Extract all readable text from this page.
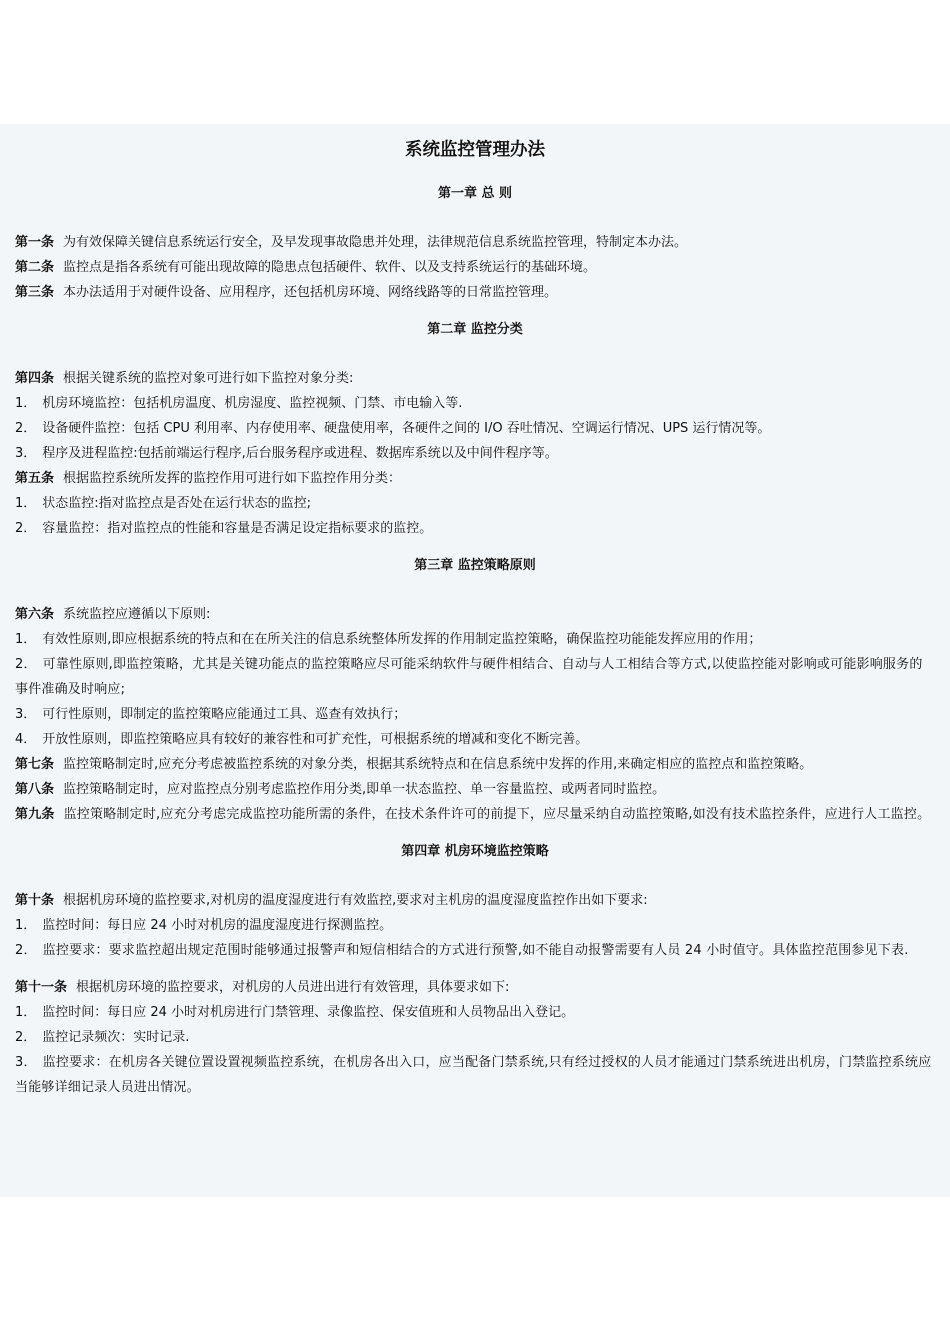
系统监控管理办法
第一章 总 则

第一条 为有效保障关键信息系统运行安全，及早发现事故隐患并处理，法律规范信息系统监控管理，特制定本办法。

第二条 监控点是指各系统有可能出现故障的隐患点包括硬件、软件、以及支持系统运行的基础环境。

第三条 本办法适用于对硬件设备、应用程序，还包括机房环境、网络线路等的日常监控管理。

第二章 监控分类

第四条 根据关键系统的监控对象可进行如下监控对象分类:

1． 机房环境监控：包括机房温度、机房湿度、监控视频、门禁、市电输入等.

2． 设备硬件监控：包括 CPU 利用率、内存使用率、硬盘使用率，各硬件之间的 I/O 吞吐情况、空调运行情况、UPS 运行情况等。

3． 程序及进程监控:包括前端运行程序,后台服务程序或进程、数据库系统以及中间件程序等。

第五条 根据监控系统所发挥的监控作用可进行如下监控作用分类：

1． 状态监控:指对监控点是否处在运行状态的监控;

2． 容量监控：指对监控点的性能和容量是否满足设定指标要求的监控。

第三章 监控策略原则

第六条 系统监控应遵循以下原则:

1． 有效性原则,即应根据系统的特点和在在所关注的信息系统整体所发挥的作用制定监控策略，确保监控功能能发挥应用的作用；

2． 可靠性原则,即监控策略，尤其是关键功能点的监控策略应尽可能采纳软件与硬件相结合、自动与人工相结合等方式,以使监控能对影响或可能影响服务的事件准确及时响应;

3． 可行性原则，即制定的监控策略应能通过工具、巡查有效执行；

4． 开放性原则，即监控策略应具有较好的兼容性和可扩充性，可根据系统的增减和变化不断完善。

第七条 监控策略制定时,应充分考虑被监控系统的对象分类，根据其系统特点和在信息系统中发挥的作用,来确定相应的监控点和监控策略。

第八条 监控策略制定时，应对监控点分别考虑监控作用分类,即单一状态监控、单一容量监控、或两者同时监控。

第九条 监控策略制定时,应充分考虑完成监控功能所需的条件，在技术条件许可的前提下，应尽量采纳自动监控策略,如没有技术监控条件，应进行人工监控。

第四章 机房环境监控策略

第十条 根据机房环境的监控要求,对机房的温度湿度进行有效监控,要求对主机房的温度湿度监控作出如下要求:

1． 监控时间：每日应 24 小时对机房的温度湿度进行探测监控。

2． 监控要求：要求监控超出规定范围时能够通过报警声和短信相结合的方式进行预警,如不能自动报警需要有人员 24 小时值守。具体监控范围参见下表.

第十一条 根据机房环境的监控要求，对机房的人员进出进行有效管理，具体要求如下:

1． 监控时间：每日应 24 小时对机房进行门禁管理、录像监控、保安值班和人员物品出入登记。

2． 监控记录频次：实时记录.

3． 监控要求：在机房各关键位置设置视频监控系统，在机房各出入口，应当配备门禁系统,只有经过授权的人员才能通过门禁系统进出机房，门禁监控系统应当能够详细记录人员进出情况。
